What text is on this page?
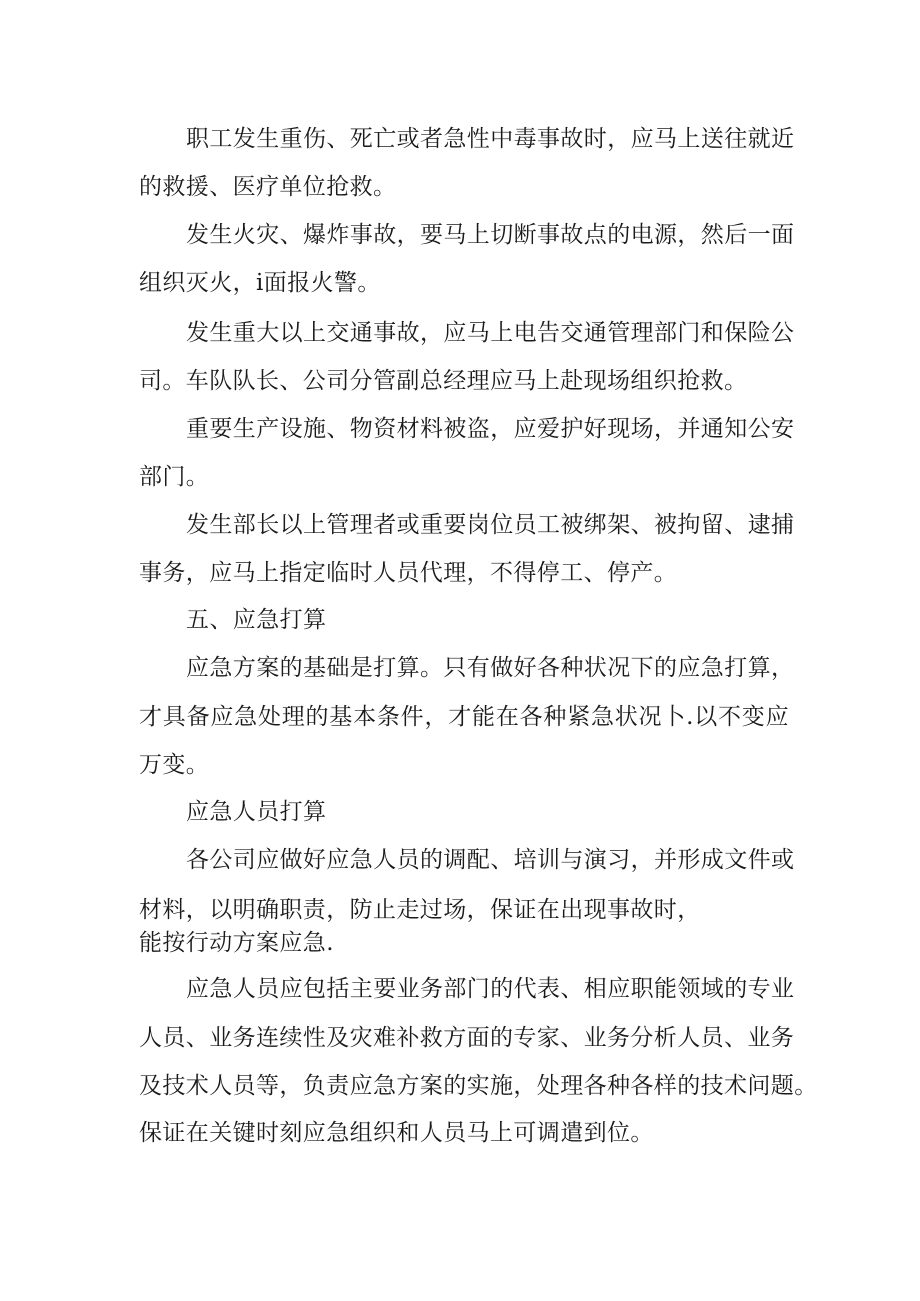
职工发生重伤、死亡或者急性中毒事故时，应马上送往就近
的救援、医疗单位抢救。
发生火灾、爆炸事故，要马上切断事故点的电源，然后一面
组织灭火，i面报火警。
发生重大以上交通事故，应马上电告交通管理部门和保险公
司。车队队长、公司分管副总经理应马上赴现场组织抢救。
重要生产设施、物资材料被盗，应爱护好现场，并通知公安
部门。
发生部长以上管理者或重要岗位员工被绑架、被拘留、逮捕
事务，应马上指定临时人员代理，不得停工、停产。
五、应急打算
应急方案的基础是打算。只有做好各种状况下的应急打算，
才具备应急处理的基本条件，才能在各种紧急状况卜.以不变应
万变。
应急人员打算
各公司应做好应急人员的调配、培训与演习，并形成文件或
材料，以明确职责，防止走过场，保证在出现事故时，
能按行动方案应急.
应急人员应包括主要业务部门的代表、相应职能领域的专业
人员、业务连续性及灾难补救方面的专家、业务分析人员、业务
及技术人员等，负责应急方案的实施，处理各种各样的技术问题。
保证在关键时刻应急组织和人员马上可调遣到位。
